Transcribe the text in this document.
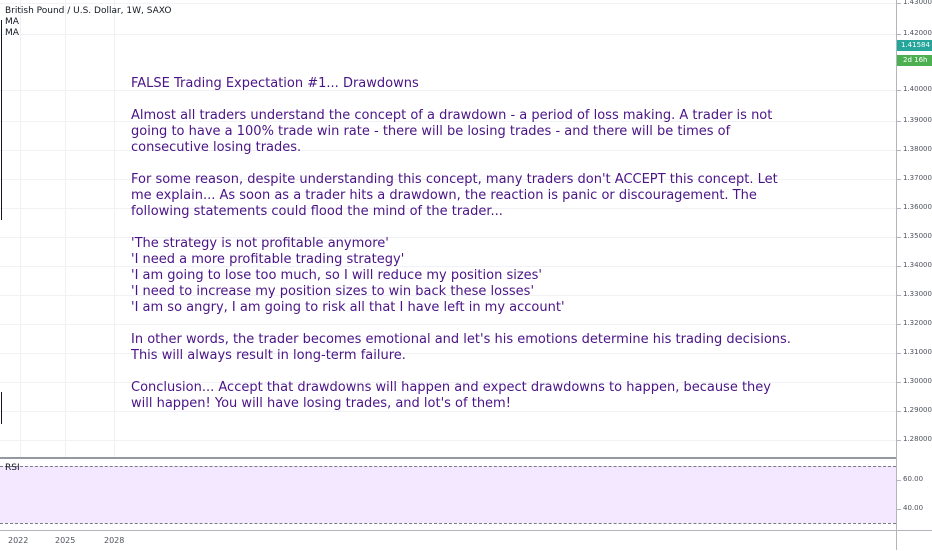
British Pound / U.S. Dollar, 1W, SAXO
MA
MA

FALSE Trading Expectation #1... Drawdowns

Almost all traders understand the concept of a drawdown - a period of loss making. A trader is not going to have a 100% trade win rate - there will be losing trades - and there will be times of consecutive losing trades.

For some reason, despite understanding this concept, many traders don't ACCEPT this concept. Let me explain... As soon as a trader hits a drawdown, the reaction is panic or discouragement. The following statements could flood the mind of the trader...

'The strategy is not profitable anymore'

'I need a more profitable trading strategy'

'I am going to lose too much, so I will reduce my position sizes'

'I need to increase my position sizes to win back these losses'

'I am so angry, I am going to risk all that I have left in my account'

In other words, the trader becomes emotional and let's his emotions determine his trading decisions. This will always result in long-term failure.

Conclusion... Accept that drawdowns will happen and expect drawdowns to happen, because they will happen! You will have losing trades, and lot's of them!

RSI
1.43000
1.42000
1.41584
2d 16h
1.40000
1.39000
1.38000
1.37000
1.36000
1.35000
1.34000
1.33000
1.32000
1.31000
1.30000
1.29000
1.28000
60.00
40.00
2022	2025	2028
